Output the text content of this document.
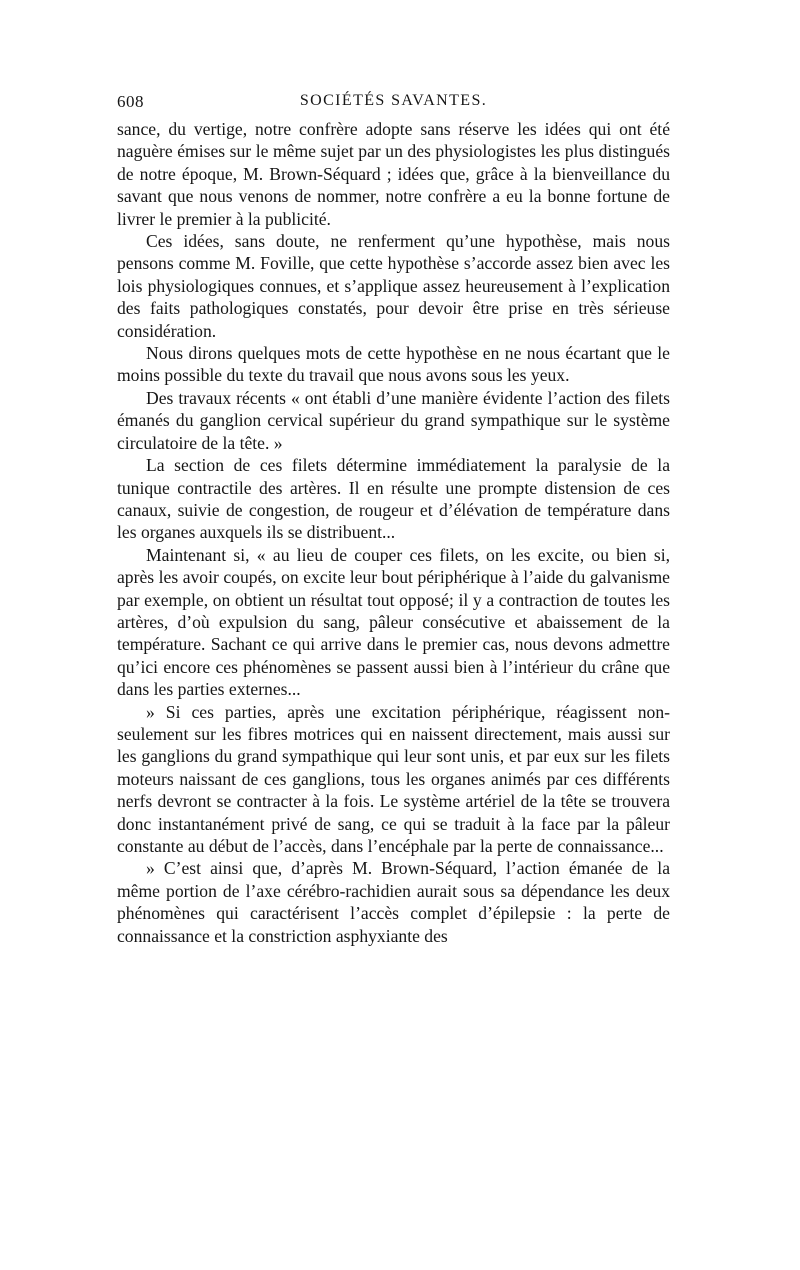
608	SOCIÉTÉS SAVANTES.

sance, du vertige, notre confrère adopte sans réserve les idées qui ont été naguère émises sur le même sujet par un des physiologistes les plus distingués de notre époque, M. Brown-Séquard ; idées que, grâce à la bienveillance du savant que nous venons de nommer, notre confrère a eu la bonne fortune de livrer le premier à la publicité.

Ces idées, sans doute, ne renferment qu’une hypothèse, mais nous pensons comme M. Foville, que cette hypothèse s’accorde assez bien avec les lois physiologiques connues, et s’applique assez heureusement à l’explication des faits pathologiques constatés, pour devoir être prise en très sérieuse considération.

Nous dirons quelques mots de cette hypothèse en ne nous écartant que le moins possible du texte du travail que nous avons sous les yeux.

Des travaux récents « ont établi d’une manière évidente l’action des filets émanés du ganglion cervical supérieur du grand sympathique sur le système circulatoire de la tête. »

La section de ces filets détermine immédiatement la paralysie de la tunique contractile des artères. Il en résulte une prompte distension de ces canaux, suivie de congestion, de rougeur et d’élévation de température dans les organes auxquels ils se distribuent...

Maintenant si, « au lieu de couper ces filets, on les excite, ou bien si, après les avoir coupés, on excite leur bout périphérique à l’aide du galvanisme par exemple, on obtient un résultat tout opposé; il y a contraction de toutes les artères, d’où expulsion du sang, pâleur consécutive et abaissement de la température. Sachant ce qui arrive dans le premier cas, nous devons admettre qu’ici encore ces phénomènes se passent aussi bien à l’intérieur du crâne que dans les parties externes...

» Si ces parties, après une excitation périphérique, réagissent non-seulement sur les fibres motrices qui en naissent directement, mais aussi sur les ganglions du grand sympathique qui leur sont unis, et par eux sur les filets moteurs naissant de ces ganglions, tous les organes animés par ces différents nerfs devront se contracter à la fois. Le système artériel de la tête se trouvera donc instantanément privé de sang, ce qui se traduit à la face par la pâleur constante au début de l’accès, dans l’encéphale par la perte de connaissance...

» C’est ainsi que, d’après M. Brown-Séquard, l’action émanée de la même portion de l’axe cérébro-rachidien aurait sous sa dépendance les deux phénomènes qui caractérisent l’accès complet d’épilepsie : la perte de connaissance et la constriction asphyxiante des
